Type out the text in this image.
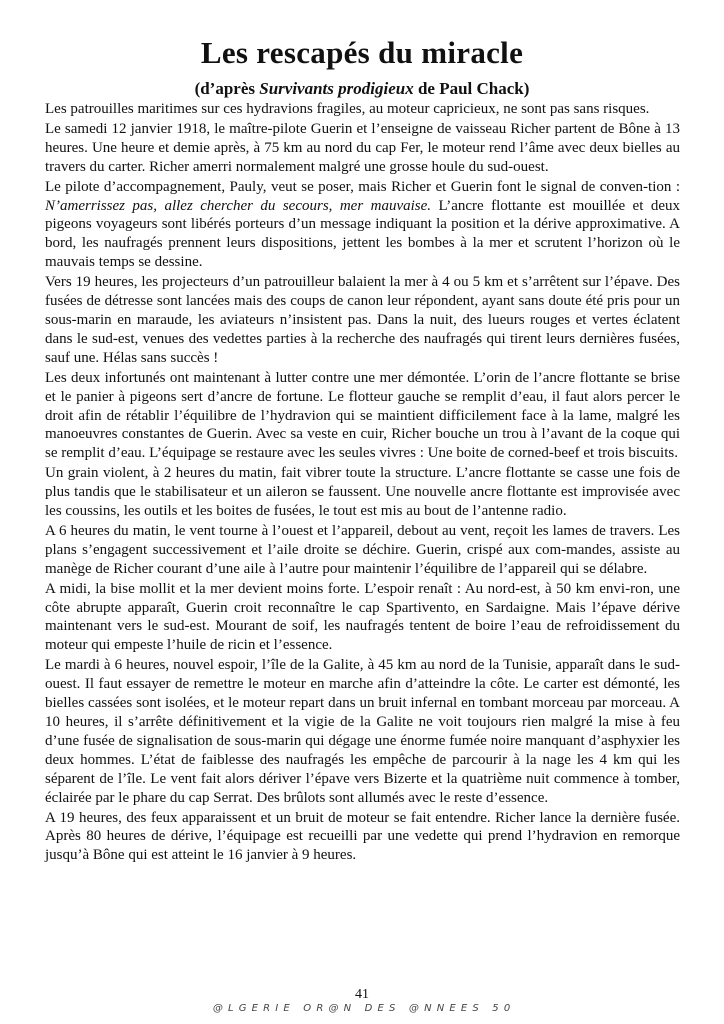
Les rescapés du miracle
(d’après Survivants prodigieux de Paul Chack)

Les patrouilles maritimes sur ces hydravions fragiles, au moteur capricieux, ne sont pas sans risques.

Le samedi 12 janvier 1918, le maître-pilote Guerin et l’enseigne de vaisseau Richer partent de Bône à 13 heures. Une heure et demie après, à 75 km au nord du cap Fer, le moteur rend l’âme avec deux bielles au travers du carter. Richer amerri normalement malgré une grosse houle du sud-ouest.

Le pilote d’accompagnement, Pauly, veut se poser, mais Richer et Guerin font le signal de conven-tion : N’amerrissez pas, allez chercher du secours, mer mauvaise. L’ancre flottante est mouillée et deux pigeons voyageurs sont libérés porteurs d’un message indiquant la position et la dérive approximative. A bord, les naufragés prennent leurs dispositions, jettent les bombes à la mer et scrutent l’horizon où le mauvais temps se dessine.

Vers 19 heures, les projecteurs d’un patrouilleur balaient la mer à 4 ou 5 km et s’arrêtent sur l’épave. Des fusées de détresse sont lancées mais des coups de canon leur répondent, ayant sans doute été pris pour un sous-marin en maraude, les aviateurs n’insistent pas. Dans la nuit, des lueurs rouges et vertes éclatent dans le sud-est, venues des vedettes parties à la recherche des naufragés qui tirent leurs dernières fusées, sauf une. Hélas sans succès !

Les deux infortunés ont maintenant à lutter contre une mer démontée. L’orin de l’ancre flottante se brise et le panier à pigeons sert d’ancre de fortune. Le flotteur gauche se remplit d’eau, il faut alors percer le droit afin de rétablir l’équilibre de l’hydravion qui se maintient difficilement face à la lame, malgré les manoeuvres constantes de Guerin. Avec sa veste en cuir, Richer bouche un trou à l’avant de la coque qui se remplit d’eau. L’équipage se restaure avec les seules vivres : Une boite de corned-beef et trois biscuits.

Un grain violent, à 2 heures du matin, fait vibrer toute la structure. L’ancre flottante se casse une fois de plus tandis que le stabilisateur et un aileron se faussent. Une nouvelle ancre flottante est improvisée avec les coussins, les outils et les boites de fusées, le tout est mis au bout de l’antenne radio.

A 6 heures du matin, le vent tourne à l’ouest et l’appareil, debout au vent, reçoit les lames de travers. Les plans s’engagent successivement et l’aile droite se déchire. Guerin, crispé aux com-mandes, assiste au manège de Richer courant d’une aile à l’autre pour maintenir l’équilibre de l’appareil qui se délabre.

A midi, la bise mollit et la mer devient moins forte. L’espoir renaît : Au nord-est, à 50 km envi-ron, une côte abrupte apparaît, Guerin croit reconnaître le cap Spartivento, en Sardaigne. Mais l’épave dérive maintenant vers le sud-est. Mourant de soif, les naufragés tentent de boire l’eau de refroidissement du moteur qui empeste l’huile de ricin et l’essence.

Le mardi à 6 heures, nouvel espoir, l’île de la Galite, à 45 km au nord de la Tunisie, apparaît dans le sud-ouest. Il faut essayer de remettre le moteur en marche afin d’atteindre la côte. Le carter est démonté, les bielles cassées sont isolées, et le moteur repart dans un bruit infernal en tombant morceau par morceau. A 10 heures, il s’arrête définitivement et la vigie de la Galite ne voit toujours rien malgré la mise à feu d’une fusée de signalisation de sous-marin qui dégage une énorme fumée noire manquant d’asphyxier les deux hommes. L’état de faiblesse des naufragés les empêche de parcourir à la nage les 4 km qui les séparent de l’île. Le vent fait alors dériver l’épave vers Bizerte et la quatrième nuit commence à tomber, éclairée par le phare du cap Serrat. Des brûlots sont allumés avec le reste d’essence.

A 19 heures, des feux apparaissent et un bruit de moteur se fait entendre. Richer lance la dernière fusée. Après 80 heures de dérive, l’équipage est recueilli par une vedette qui prend l’hydravion en remorque jusqu’à Bône qui est atteint le 16 janvier à 9 heures.

41
@ L G E R I E   O R @ N   D E S   @ N N E E S   5 0
